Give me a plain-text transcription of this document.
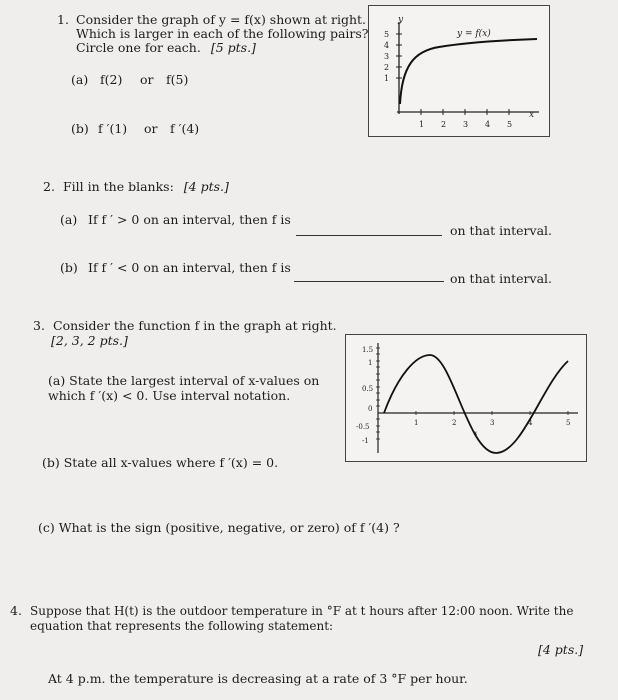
1. Consider the graph of y = f(x) shown at right.
Which is larger in each of the following pairs?
Circle one for each. [5 pts.]
(a) f(2) or f(5)
(b) f ′(1) or f ′(4)
y
x
y = f(x)
5
4
3
2
1
1 2 3 4 5
2. Fill in the blanks: [4 pts.]
(a) If f ′ > 0 on an interval, then f is
on that interval.
(b) If f ′ < 0 on an interval, then f is
on that interval.
3. Consider the function f in the graph at right.
[2, 3, 2 pts.]
(a) State the largest interval of x-values on
which f ′(x) < 0. Use interval notation.
(b) State all x-values where f ′(x) = 0.
(c) What is the sign (positive, negative, or zero) of f ′(4) ?
1.5
1
0.5
0
-0.5
-1
1	2	3	4	5
x
4. Suppose that H(t) is the outdoor temperature in °F at t hours after 12:00 noon. Write the
equation that represents the following statement:
[4 pts.]
At 4 p.m. the temperature is decreasing at a rate of 3 °F per hour.
